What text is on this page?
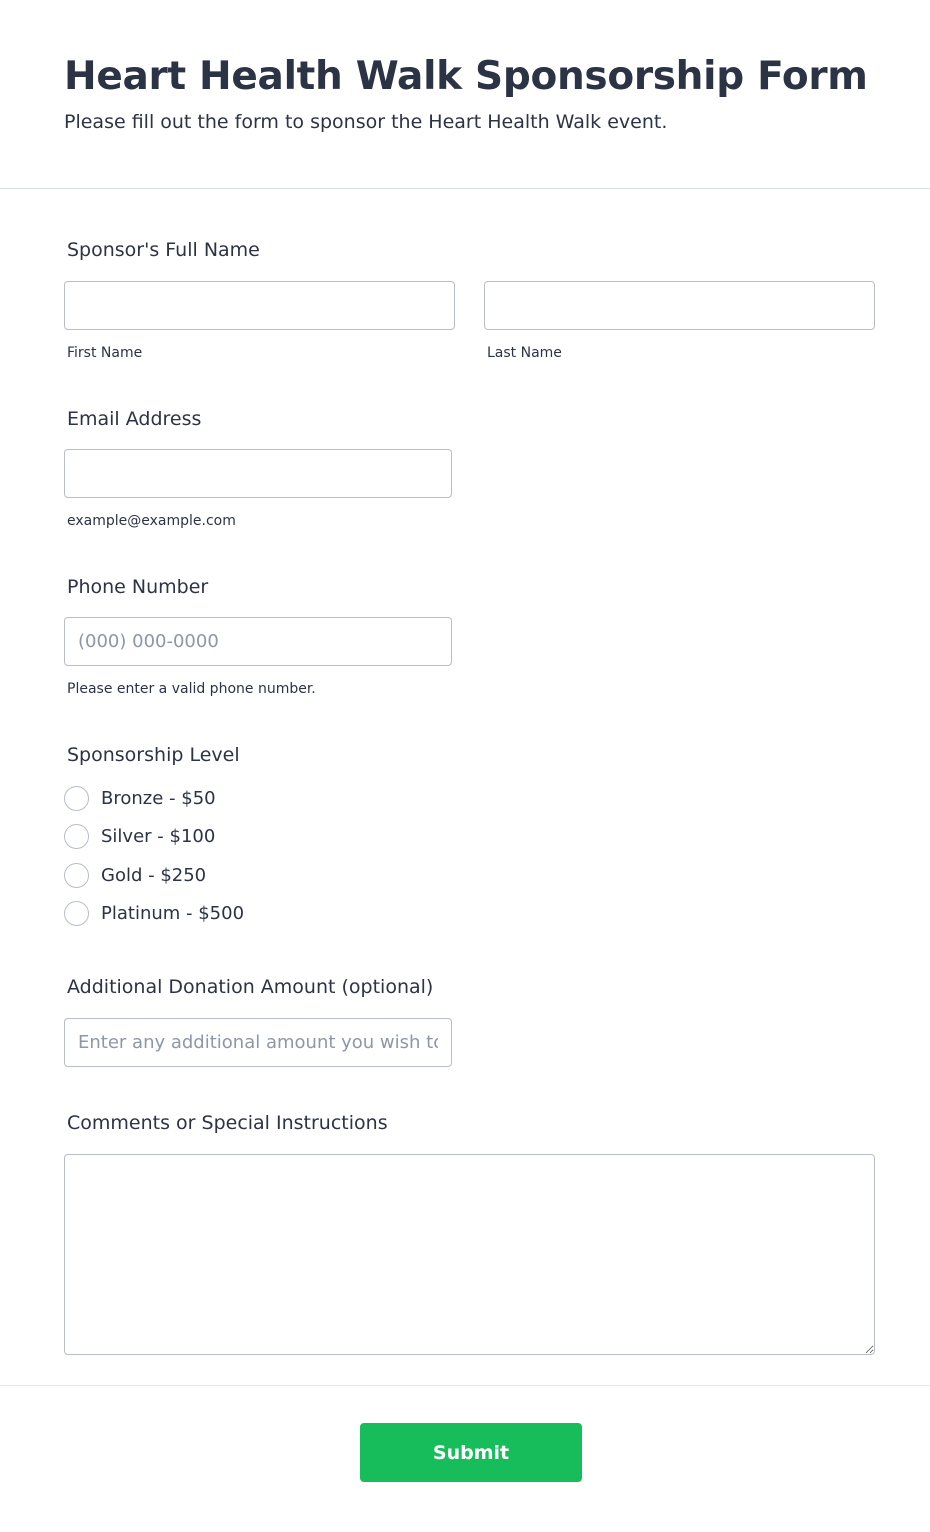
Heart Health Walk Sponsorship Form
Please fill out the form to sponsor the Heart Health Walk event.
Sponsor's Full Name
First Name	Last Name
Email Address
example@example.com
Phone Number
(000) 000-0000
Please enter a valid phone number.
Sponsorship Level
Bronze - $50
Silver - $100
Gold - $250
Platinum - $500
Additional Donation Amount (optional)
Enter any additional amount you wish to donate
Comments or Special Instructions
Submit
